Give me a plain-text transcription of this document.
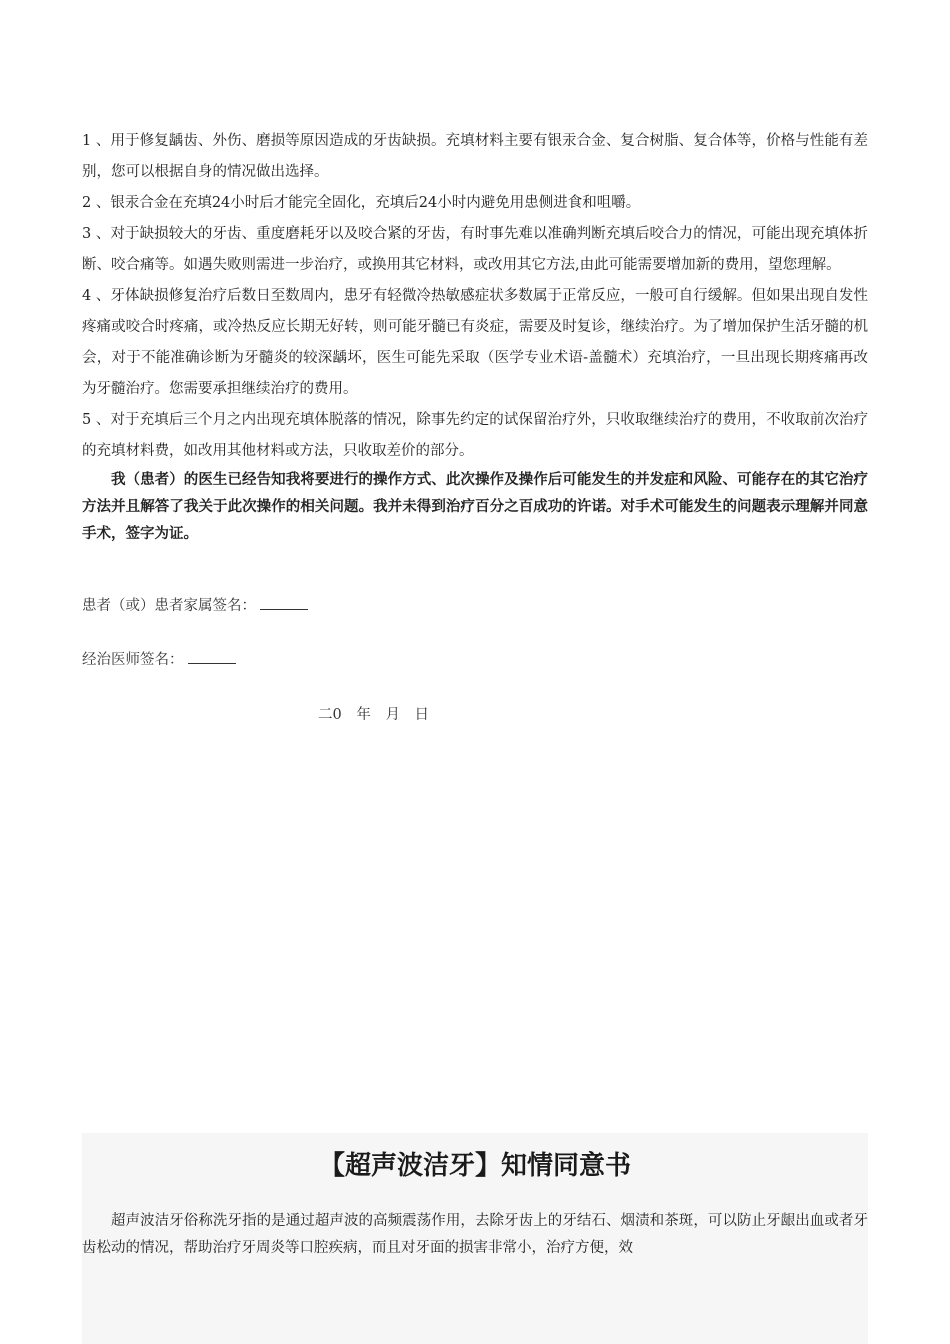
1 、用于修复龋齿、外伤、磨损等原因造成的牙齿缺损。充填材料主要有银汞合金、复合树脂、复合体等，价格与性能有差别，您可以根据自身的情况做出选择。

2 、银汞合金在充填24小时后才能完全固化，充填后24小时内避免用患侧进食和咀嚼。

3 、对于缺损较大的牙齿、重度磨耗牙以及咬合紧的牙齿，有时事先难以准确判断充填后咬合力的情况，可能出现充填体折断、咬合痛等。如遇失败则需进一步治疗，或换用其它材料，或改用其它方法,由此可能需要增加新的费用，望您理解。

4 、牙体缺损修复治疗后数日至数周内，患牙有轻微冷热敏感症状多数属于正常反应，一般可自行缓解。但如果出现自发性疼痛或咬合时疼痛，或冷热反应长期无好转，则可能牙髓已有炎症，需要及时复诊，继续治疗。为了增加保护生活牙髓的机会，对于不能准确诊断为牙髓炎的较深龋坏，医生可能先采取（医学专业术语-盖髓术）充填治疗，一旦出现长期疼痛再改为牙髓治疗。您需要承担继续治疗的费用。

5 、对于充填后三个月之内出现充填体脱落的情况，除事先约定的试保留治疗外，只收取继续治疗的费用，不收取前次治疗的充填材料费，如改用其他材料或方法，只收取差价的部分。

我（患者）的医生已经告知我将要进行的操作方式、此次操作及操作后可能发生的并发症和风险、可能存在的其它治疗方法并且解答了我关于此次操作的相关问题。我并未得到治疗百分之百成功的许诺。对手术可能发生的问题表示理解并同意手术，签字为证。

患者（或）患者家属签名：
经治医师签名：
二0 年 月 日
【超声波洁牙】知情同意书

超声波洁牙俗称洗牙指的是通过超声波的高频震荡作用，去除牙齿上的牙结石、烟渍和茶斑，可以防止牙龈出血或者牙齿松动的情况，帮助治疗牙周炎等口腔疾病，而且对牙面的损害非常小，治疗方便，效
